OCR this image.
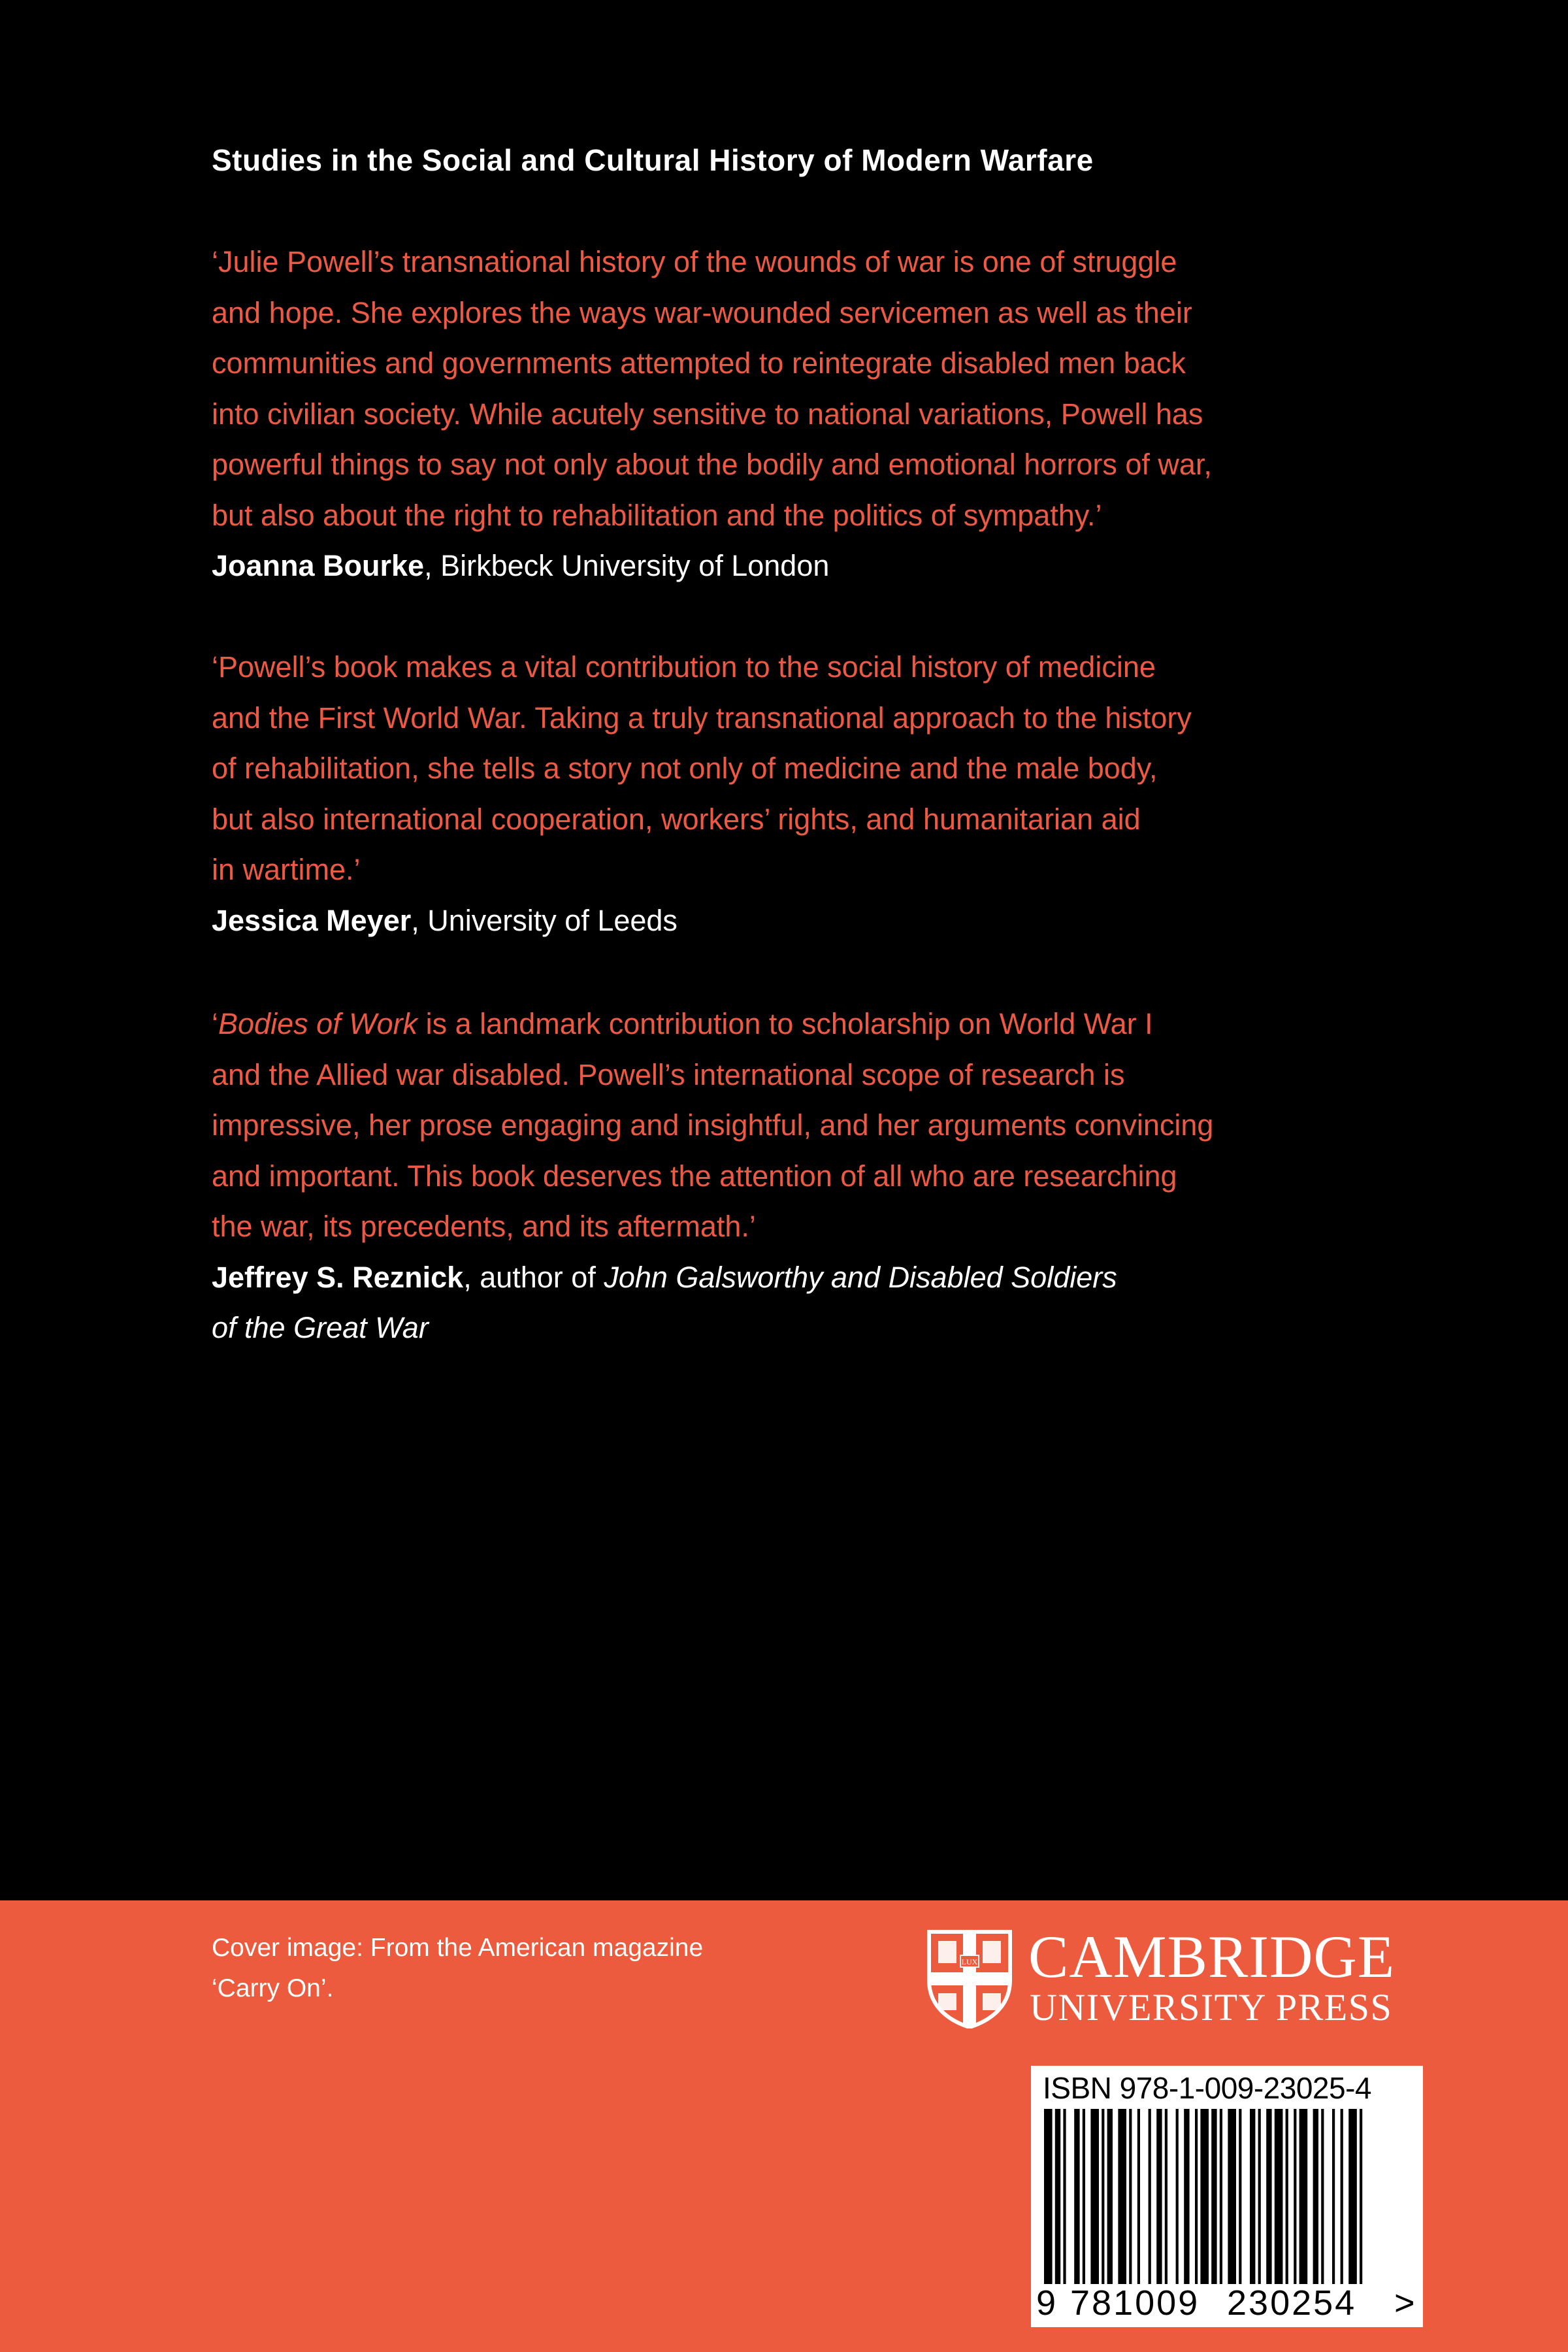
Studies in the Social and Cultural History of Modern Warfare

‘Julie Powell’s transnational history of the wounds of war is one of struggle
and hope. She explores the ways war-wounded servicemen as well as their
communities and governments attempted to reintegrate disabled men back
into civilian society. While acutely sensitive to national variations, Powell has
powerful things to say not only about the bodily and emotional horrors of war,
but also about the right to rehabilitation and the politics of sympathy.’

Joanna Bourke, Birkbeck University of London

‘Powell’s book makes a vital contribution to the social history of medicine
and the First World War. Taking a truly transnational approach to the history
of rehabilitation, she tells a story not only of medicine and the male body,
but also international cooperation, workers’ rights, and humanitarian aid
in wartime.’

Jessica Meyer, University of Leeds

‘Bodies of Work is a landmark contribution to scholarship on World War I
and the Allied war disabled. Powell’s international scope of research is
impressive, her prose engaging and insightful, and her arguments convincing
and important. This book deserves the attention of all who are researching
the war, its precedents, and its aftermath.’

Jeffrey S. Reznick, author of John Galsworthy and Disabled Soldiers
of the Great War

Cover image: From the American magazine
‘Carry On’.
LUX CAMBRIDGE
UNIVERSITY PRESS
ISBN 978-1-009-23025-4
9 781009 230254 >
